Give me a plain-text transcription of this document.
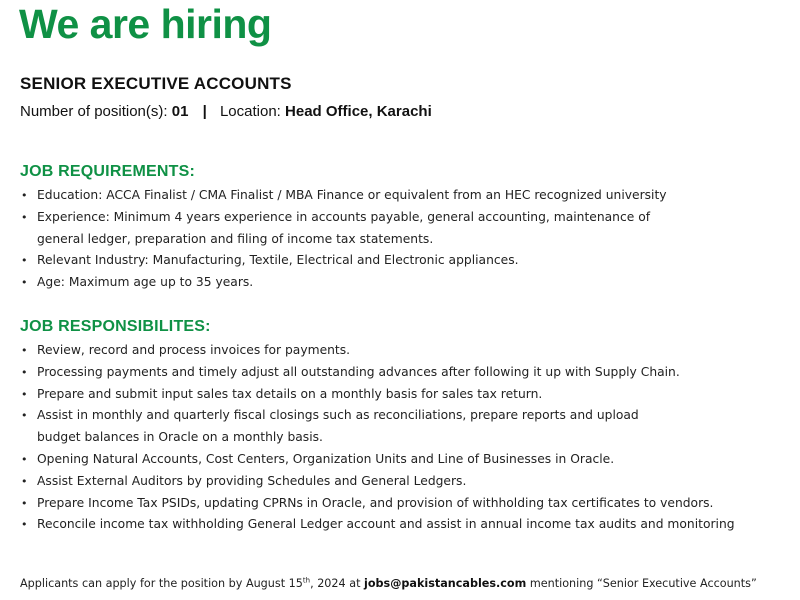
We are hiring
SENIOR EXECUTIVE ACCOUNTS
Number of position(s): 01 | Location: Head Office, Karachi
JOB REQUIREMENTS:
• Education: ACCA Finalist / CMA Finalist / MBA Finance or equivalent from an HEC recognized university
• Experience: Minimum 4 years experience in accounts payable, general accounting, maintenance of
general ledger, preparation and filing of income tax statements.
• Relevant Industry: Manufacturing, Textile, Electrical and Electronic appliances.
• Age: Maximum age up to 35 years.
JOB RESPONSIBILITES:
• Review, record and process invoices for payments.
• Processing payments and timely adjust all outstanding advances after following it up with Supply Chain.
• Prepare and submit input sales tax details on a monthly basis for sales tax return.
• Assist in monthly and quarterly fiscal closings such as reconciliations, prepare reports and upload
budget balances in Oracle on a monthly basis.
• Opening Natural Accounts, Cost Centers, Organization Units and Line of Businesses in Oracle.
• Assist External Auditors by providing Schedules and General Ledgers.
• Prepare Income Tax PSIDs, updating CPRNs in Oracle, and provision of withholding tax certificates to vendors.
• Reconcile income tax withholding General Ledger account and assist in annual income tax audits and monitoring
Applicants can apply for the position by August 15th, 2024 at jobs@pakistancables.com mentioning “Senior Executive Accounts”
